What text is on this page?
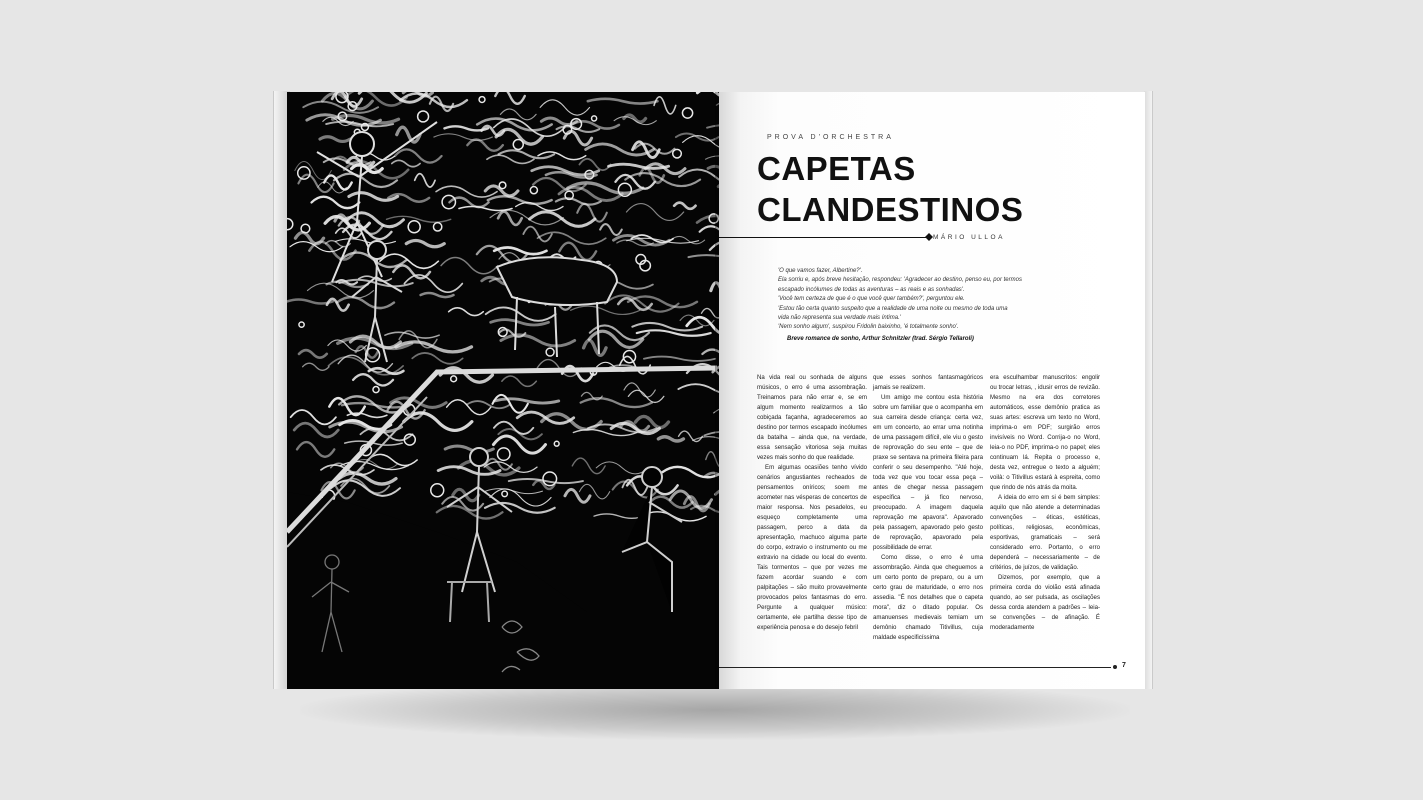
PROVA D'ORCHESTRA
CAPETAS
CLANDESTINOS
MÁRIO ULLOA
'O que vamos fazer, Albertine?'.
Ela sorriu e, após breve hesitação, respondeu: 'Agradecer ao destino, penso eu, por termos
escapado incólumes de todas as aventuras – as reais e as sonhadas'.
'Você tem certeza de que é o que você quer também?', perguntou ele.
'Estou tão certa quanto suspeito que a realidade de uma noite ou mesmo de toda uma
vida não representa sua verdade mais íntima.'
'Nem sonho algum', suspirou Fridolin baixinho, 'é totalmente sonho'.
Breve romance de sonho, Arthur Schnitzler (trad. Sérgio Tellaroli)

Na vida real ou sonhada de alguns músicos, o erro é uma assombração. Treinamos para não errar e, se em algum momento realizarmos a tão cobiçada façanha, agradeceremos ao destino por termos escapado incólumes da batalha – ainda que, na verdade, essa sensação vitoriosa seja muitas vezes mais sonho do que realidade.

Em algumas ocasiões tenho vívido cenários angustiantes recheados de pensamentos oníricos; soem me acometer nas vésperas de concertos de maior responsa. Nos pesadelos, eu esqueço completamente uma passagem, perco a data da apresentação, machuco alguma parte do corpo, extravio o instrumento ou me extravio na cidade ou local do evento. Tais tormentos – que por vezes me fazem acordar suando e com palpitações – são muito provavelmente provocados pelos fantasmas do erro. Pergunte a qualquer músico: certamente, ele partilha desse tipo de experiência penosa e do desejo febril

que esses sonhos fantasmagóricos jamais se realizem.

Um amigo me contou esta história sobre um familiar que o acompanha em sua carreira desde criança: certa vez, em um concerto, ao errar uma notinha de uma passagem difícil, ele viu o gesto de reprovação do seu ente – que de praxe se sentava na primeira fileira para conferir o seu desempenho. "Até hoje, toda vez que vou tocar essa peça – antes de chegar nessa passagem específica – já fico nervoso, preocupado. A imagem daquela reprovação me apavora". Apavorado pela passagem, apavorado pelo gesto de reprovação, apavorado pela possibilidade de errar.

Como disse, o erro é uma assombração. Ainda que cheguemos a um certo ponto de preparo, ou a um certo grau de maturidade, o erro nos assedia. "É nos detalhes que o capeta mora", diz o ditado popular. Os amanuenses medievais temiam um demônio chamado Titivillus, cuja maldade especificíssima

era esculhambar manuscritos: engolir ou trocar letras, , idusir erros de revizão. Mesmo na era dos corretores automáticos, esse demônio pratica as suas artes: escreva um texto no Word, imprima-o em PDF; surgirão erros invisíveis no Word. Corrija-o no Word, leia-o no PDF, imprima-o no papel; eles continuam lá. Repita o processo e, desta vez, entregue o texto a alguém; voilà: o Titivillus estará à espreita, como que rindo de nós atrás da moita.

A ideia do erro em si é bem simples: aquilo que não atende a determinadas convenções – éticas, estéticas, políticas, religiosas, econômicas, esportivas, gramaticais – será considerado erro. Portanto, o erro dependerá – necessariamente – de critérios, de juízos, de validação.

Dizemos, por exemplo, que a primeira corda do violão está afinada quando, ao ser pulsada, as oscilações dessa corda atendem a padrões – leia-se convenções – de afinação. É moderadamente

7
